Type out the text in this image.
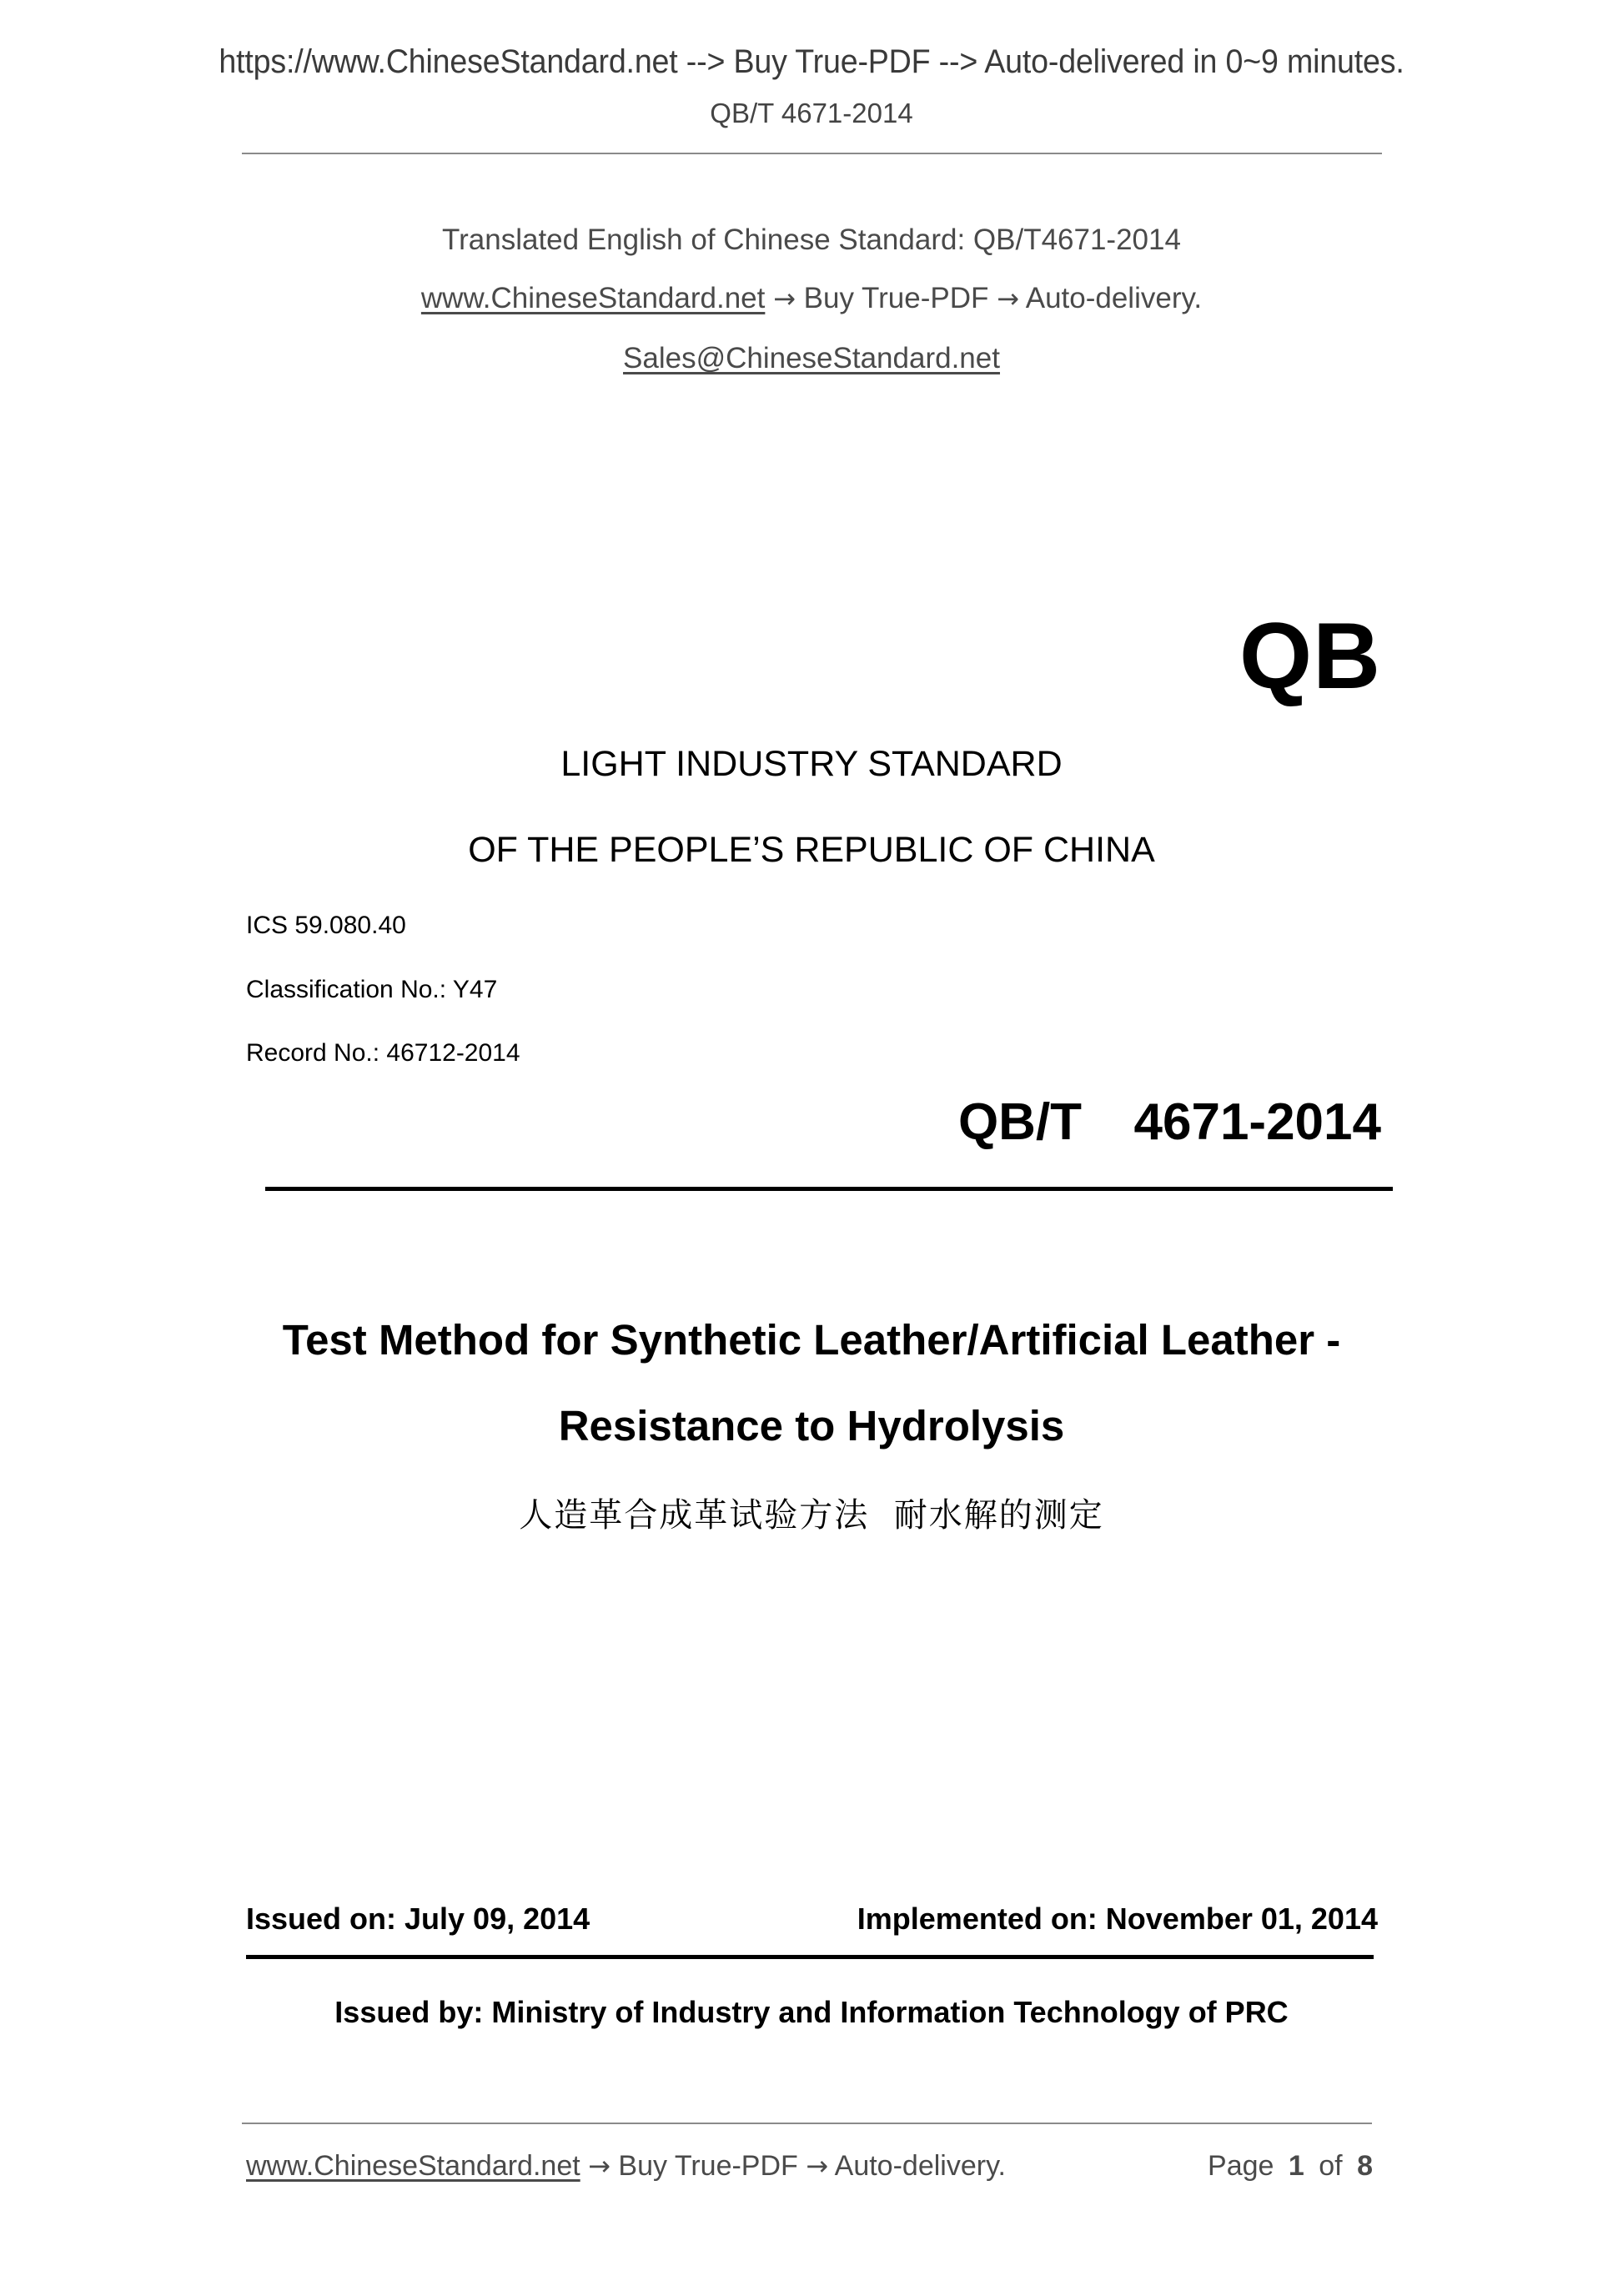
https://www.ChineseStandard.net --> Buy True-PDF --> Auto-delivered in 0~9 minutes.
QB/T 4671-2014
Translated English of Chinese Standard: QB/T4671-2014
www.ChineseStandard.net → Buy True-PDF → Auto-delivery.
Sales@ChineseStandard.net
QB
LIGHT INDUSTRY STANDARD
OF THE PEOPLE’S REPUBLIC OF CHINA
ICS 59.080.40
Classification No.: Y47
Record No.: 46712-2014
QB/T  4671-2014
Test Method for Synthetic Leather/Artificial Leather -
Resistance to Hydrolysis
人造革合成革试验方法  耐水解的测定
Issued on: July 09, 2014	Implemented on: November 01, 2014
Issued by: Ministry of Industry and Information Technology of PRC
www.ChineseStandard.net → Buy True-PDF → Auto-delivery.	Page 1 of 8
